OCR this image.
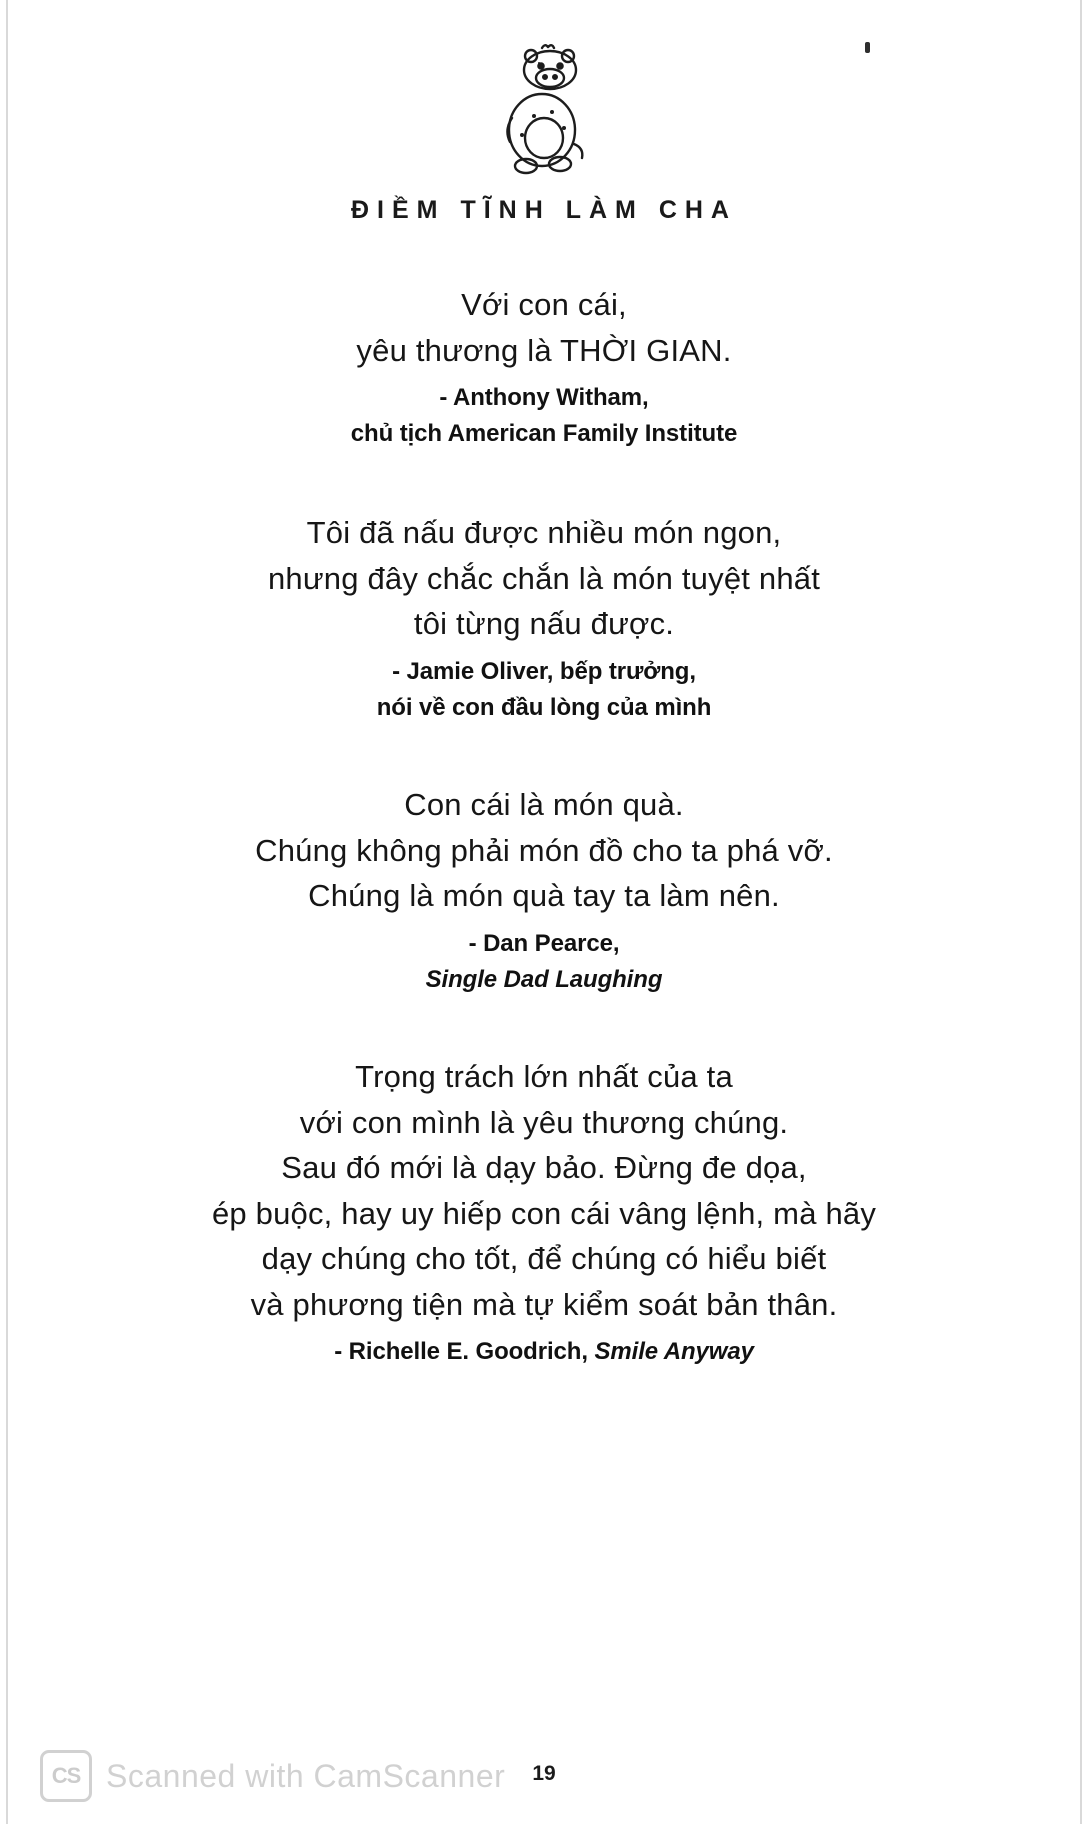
ĐIỀM TĨNH LÀM CHA
Với con cái,
yêu thương là THỜI GIAN.
- Anthony Witham,
chủ tịch American Family Institute
Tôi đã nấu được nhiều món ngon,
nhưng đây chắc chắn là món tuyệt nhất
tôi từng nấu được.
- Jamie Oliver, bếp trưởng,
nói về con đầu lòng của mình
Con cái là món quà.
Chúng không phải món đồ cho ta phá vỡ.
Chúng là món quà tay ta làm nên.
- Dan Pearce,
Single Dad Laughing
Trọng trách lớn nhất của ta
với con mình là yêu thương chúng.
Sau đó mới là dạy bảo. Đừng đe dọa,
ép buộc, hay uy hiếp con cái vâng lệnh, mà hãy
dạy chúng cho tốt, để chúng có hiểu biết
và phương tiện mà tự kiểm soát bản thân.
- Richelle E. Goodrich, Smile Anyway
19
CS Scanned with CamScanner
